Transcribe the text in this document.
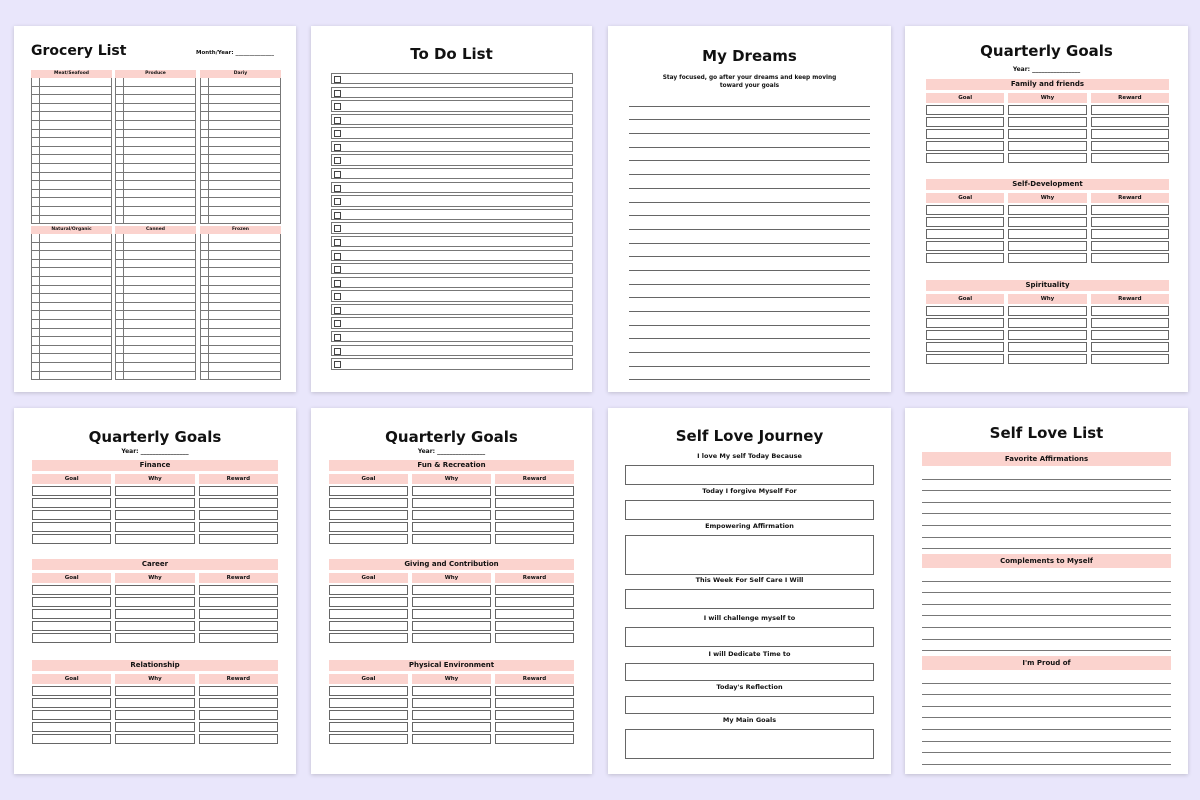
Grocery List	Month/Year: ______________
Meat/Seafood	Produce	Dariy
Natural/Organic	Canned	Frozen
To Do List	My Dreams
Stay focused, go after your dreams and keep moving
toward your goals
Quarterly Goals
Year: ________________
Family and friends
Goal	Why	Reward
Self-Development
Goal	Why	Reward
Spirituality
Goal	Why	Reward
Quarterly Goals
Year: ________________
Finance
Goal	Why	Reward
Career
Goal	Why	Reward
Relationship
Goal	Why	Reward
Quarterly Goals
Year: ________________
Fun & Recreation
Goal	Why	Reward
Giving and Contribution
Goal	Why	Reward
Physical Environment
Goal	Why	Reward
Self Love Journey
I love My self Today Because
Today I forgive Myself For
Empowering Affirmation
This Week For Self Care I Will
I will challenge myself to
I will Dedicate Time to
Today's Reflection
My Main Goals
Self Love List
Favorite Affirmations
Complements to Myself
I'm Proud of
